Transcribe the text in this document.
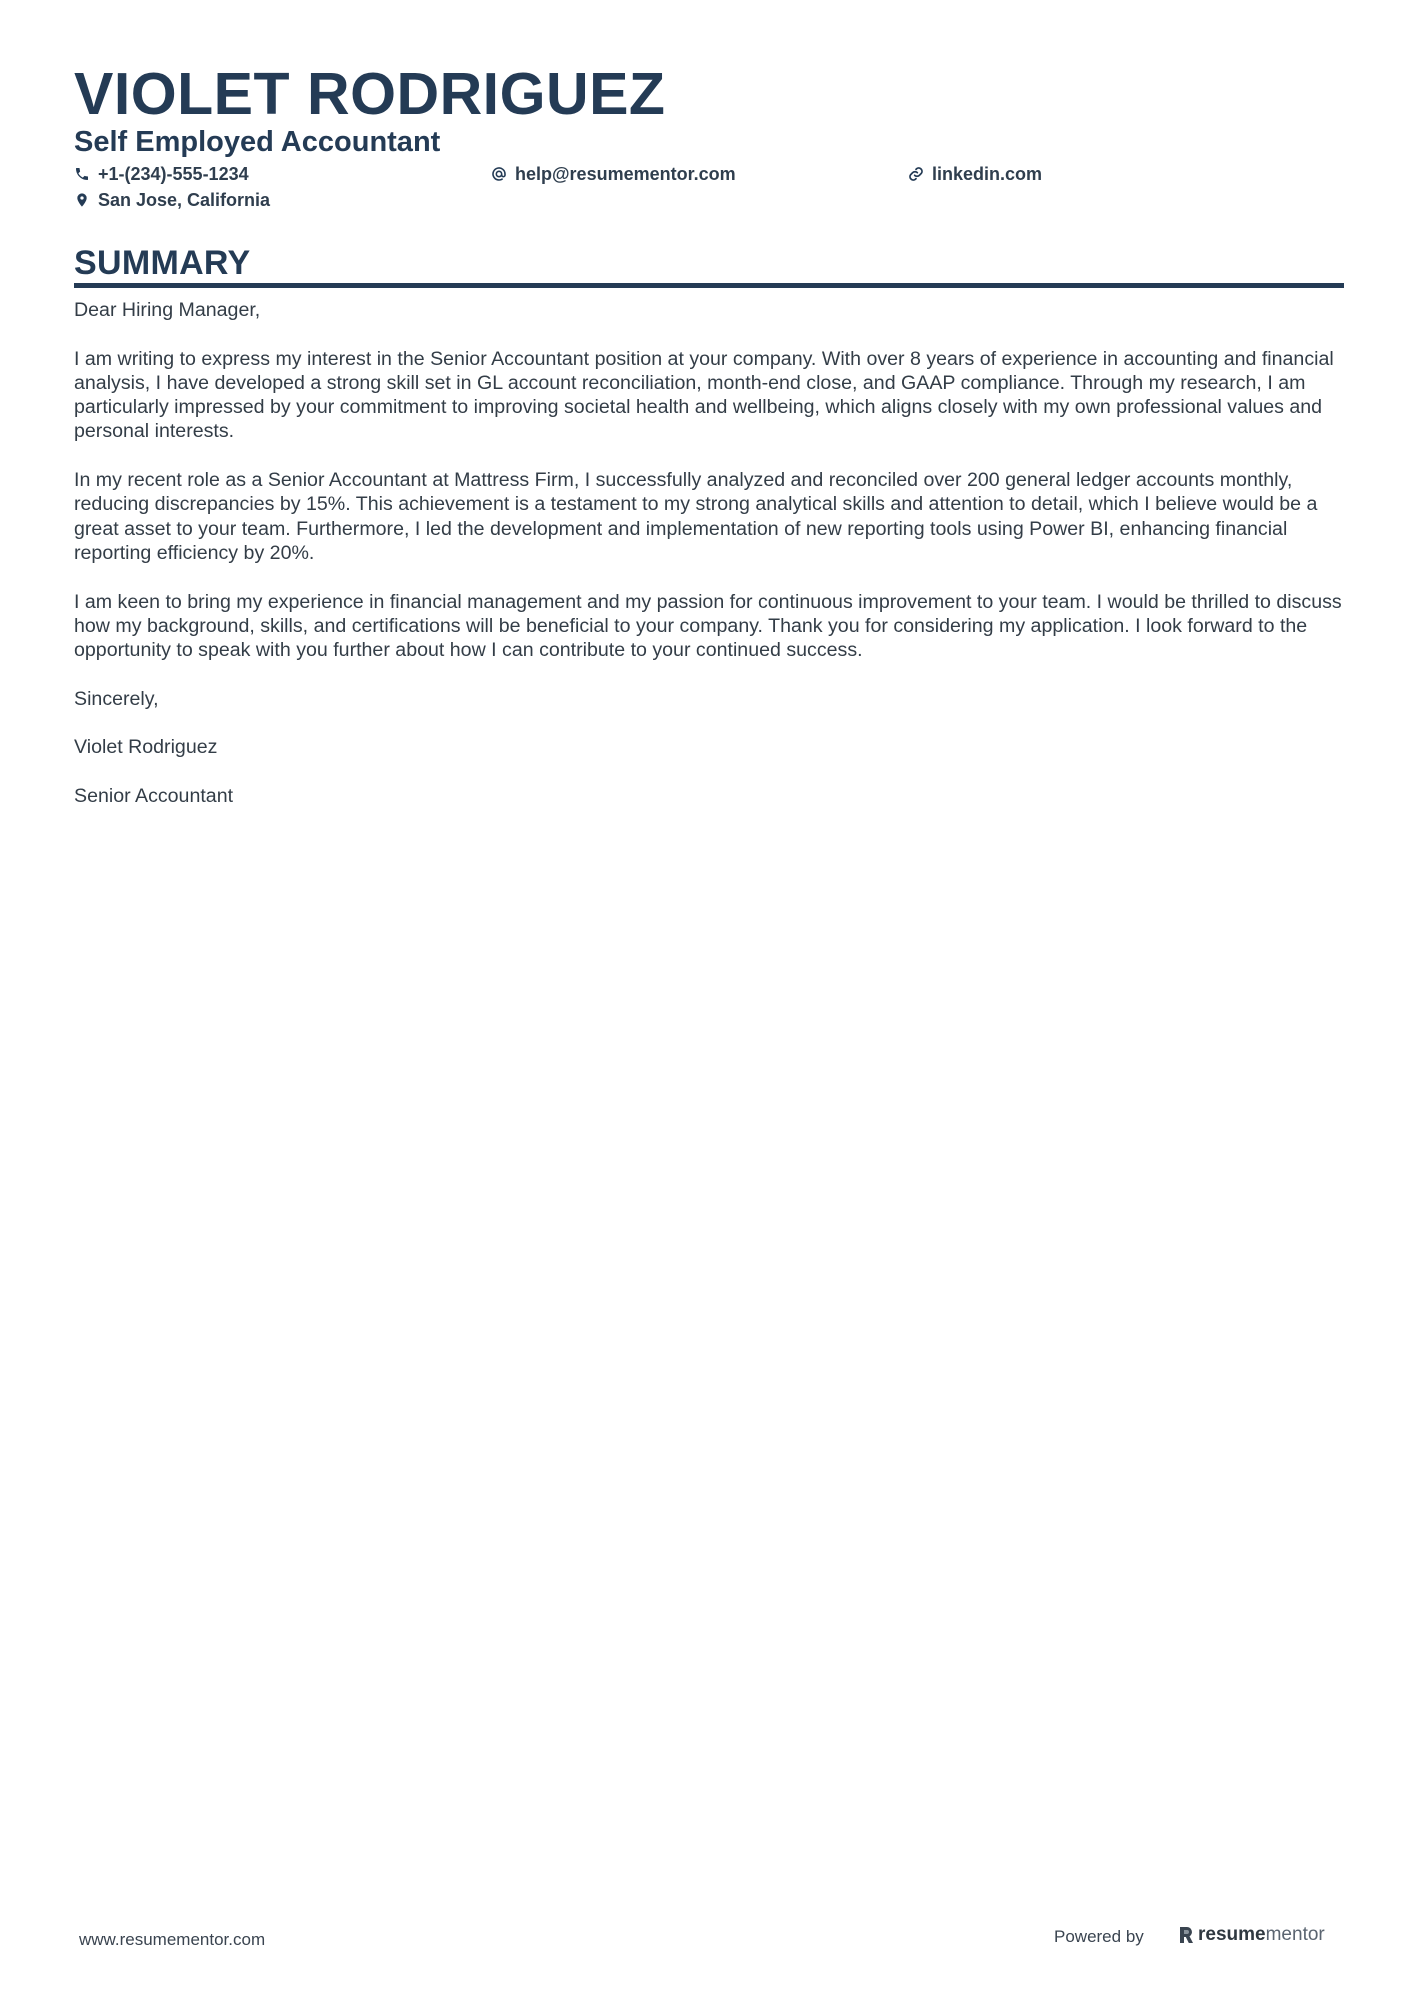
VIOLET RODRIGUEZ
Self Employed Accountant
+1-(234)-555-1234	help@resumementor.com	linkedin.com
San Jose, California
SUMMARY

Dear Hiring Manager,

I am writing to express my interest in the Senior Accountant position at your company. With over 8 years of experience in accounting and financial analysis, I have developed a strong skill set in GL account reconciliation, month-end close, and GAAP compliance. Through my research, I am particularly impressed by your commitment to improving societal health and wellbeing, which aligns closely with my own professional values and personal interests.

In my recent role as a Senior Accountant at Mattress Firm, I successfully analyzed and reconciled over 200 general ledger accounts monthly, reducing discrepancies by 15%. This achievement is a testament to my strong analytical skills and attention to detail, which I believe would be a great asset to your team. Furthermore, I led the development and implementation of new reporting tools using Power BI, enhancing financial reporting efficiency by 20%.

I am keen to bring my experience in financial management and my passion for continuous improvement to your team. I would be thrilled to discuss how my background, skills, and certifications will be beneficial to your company. Thank you for considering my application. I look forward to the opportunity to speak with you further about how I can contribute to your continued success.

Sincerely,

Violet Rodriguez

Senior Accountant

www.resumementor.com	Powered by	resumementor
